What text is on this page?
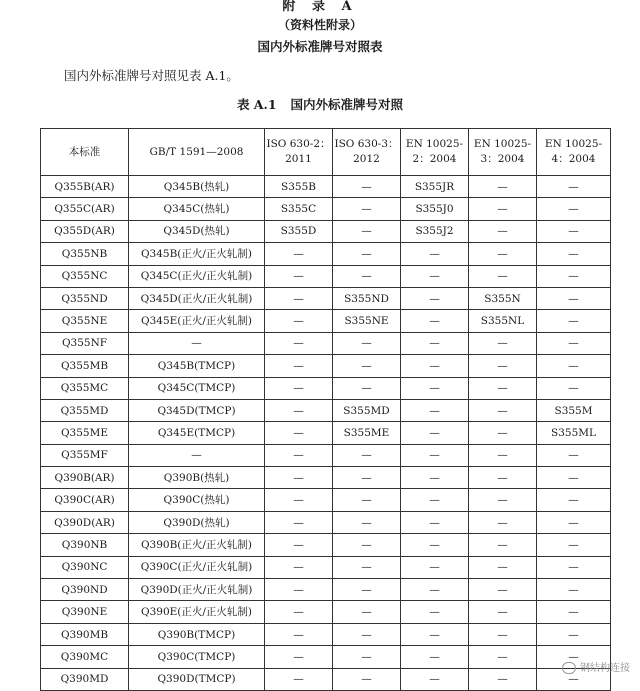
附 录 A
（资料性附录）
国内外标准牌号对照表
国内外标准牌号对照见表 A.1。
表 A.1 国内外标准牌号对照
本标准	GB/T 1591—2008	ISO 630-2：2011	ISO 630-3：2012	EN 10025-2：2004	EN 10025-3：2004	EN 10025-4：2004
Q355B(AR)	Q345B(热轧)	S355B	—	S355JR	—	—
Q355C(AR)	Q345C(热轧)	S355C	—	S355J0	—	—
Q355D(AR)	Q345D(热轧)	S355D	—	S355J2	—	—
Q355NB	Q345B(正火/正火轧制)	—	—	—	—	—
Q355NC	Q345C(正火/正火轧制)	—	—	—	—	—
Q355ND	Q345D(正火/正火轧制)	—	S355ND	—	S355N	—
Q355NE	Q345E(正火/正火轧制)	—	S355NE	—	S355NL	—
Q355NF	—	—	—	—	—	—
Q355MB	Q345B(TMCP)	—	—	—	—	—
Q355MC	Q345C(TMCP)	—	—	—	—	—
Q355MD	Q345D(TMCP)	—	S355MD	—	—	S355M
Q355ME	Q345E(TMCP)	—	S355ME	—	—	S355ML
Q355MF	—	—	—	—	—	—
Q390B(AR)	Q390B(热轧)	—	—	—	—	—
Q390C(AR)	Q390C(热轧)	—	—	—	—	—
Q390D(AR)	Q390D(热轧)	—	—	—	—	—
Q390NB	Q390B(正火/正火轧制)	—	—	—	—	—
Q390NC	Q390C(正火/正火轧制)	—	—	—	—	—
Q390ND	Q390D(正火/正火轧制)	—	—	—	—	—
Q390NE	Q390E(正火/正火轧制)	—	—	—	—	—
Q390MB	Q390B(TMCP)	—	—	—	—	—
Q390MC	Q390C(TMCP)	—	—	—	—	—
Q390MD	Q390D(TMCP)	—	—	—	—	—
钢结构连接
